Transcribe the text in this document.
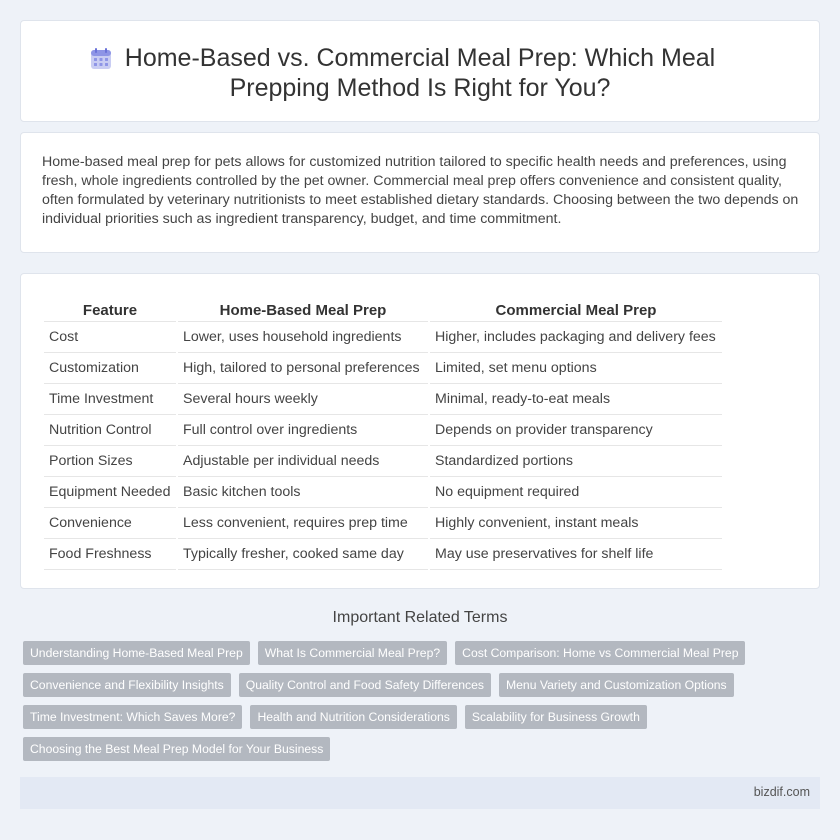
Home-Based vs. Commercial Meal Prep: Which Meal Prepping Method Is Right for You?

Home-based meal prep for pets allows for customized nutrition tailored to specific health needs and preferences, using fresh, whole ingredients controlled by the pet owner. Commercial meal prep offers convenience and consistent quality, often formulated by veterinary nutritionists to meet established dietary standards. Choosing between the two depends on individual priorities such as ingredient transparency, budget, and time commitment.

Feature	Home-Based Meal Prep	Commercial Meal Prep
Cost	Lower, uses household ingredients	Higher, includes packaging and delivery fees
Customization	High, tailored to personal preferences	Limited, set menu options
Time Investment	Several hours weekly	Minimal, ready-to-eat meals
Nutrition Control	Full control over ingredients	Depends on provider transparency
Portion Sizes	Adjustable per individual needs	Standardized portions
Equipment Needed	Basic kitchen tools	No equipment required
Convenience	Less convenient, requires prep time	Highly convenient, instant meals
Food Freshness	Typically fresher, cooked same day	May use preservatives for shelf life
Important Related Terms
Understanding Home-Based Meal Prep	What Is Commercial Meal Prep?	Cost Comparison: Home vs Commercial Meal Prep
Convenience and Flexibility Insights	Quality Control and Food Safety Differences	Menu Variety and Customization Options
Time Investment: Which Saves More?	Health and Nutrition Considerations	Scalability for Business Growth
Choosing the Best Meal Prep Model for Your Business
bizdif.com
